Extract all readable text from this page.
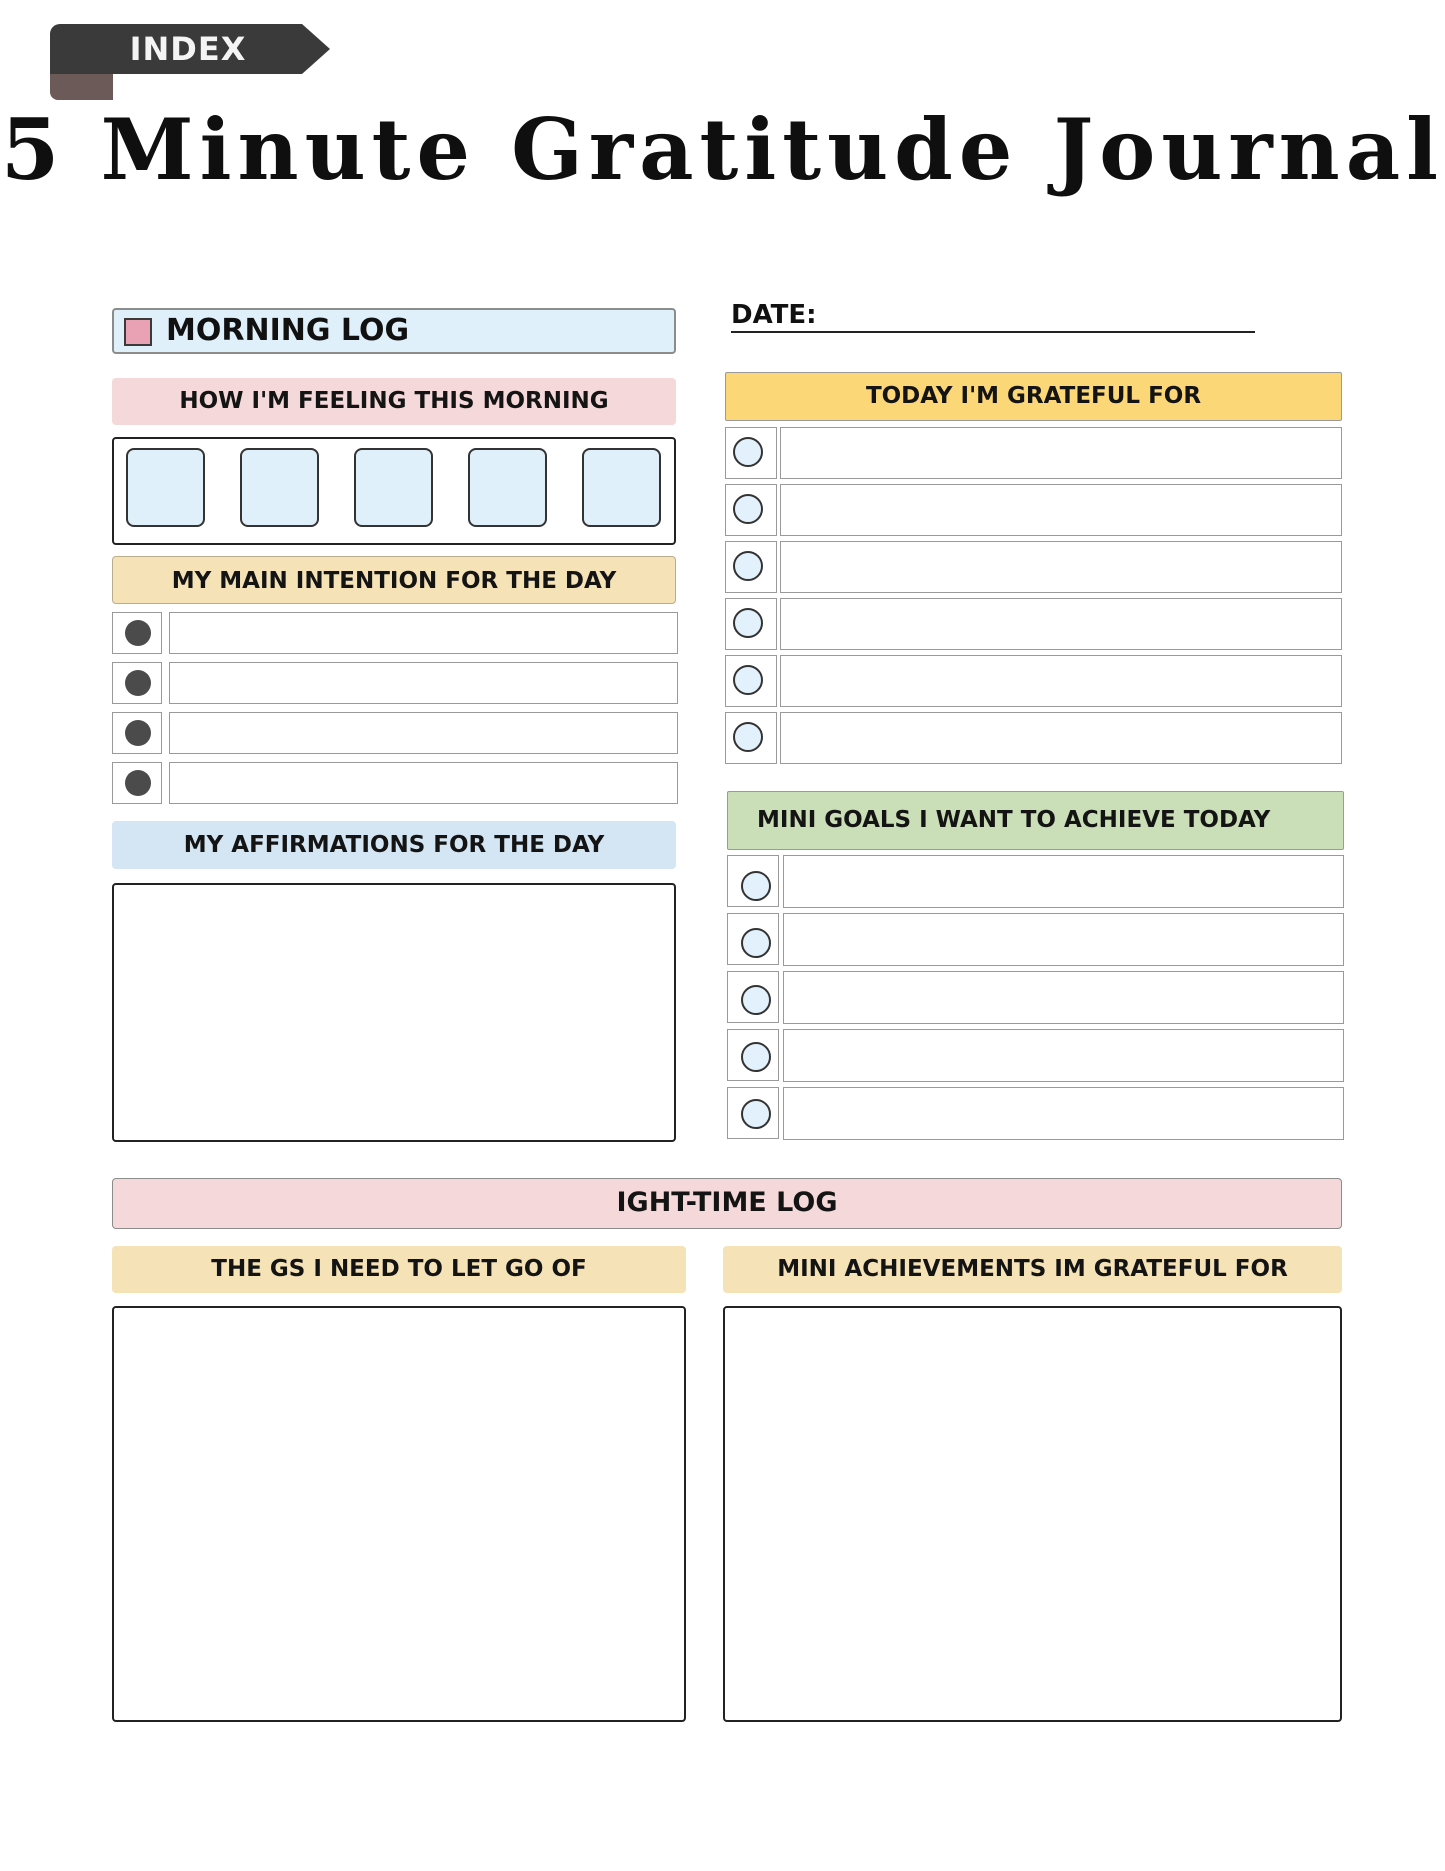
INDEX
5 Minute Gratitude Journal
MORNING LOG	DATE:
HOW I'M FEELING THIS MORNING
MY MAIN INTENTION FOR THE DAY
MY AFFIRMATIONS FOR THE DAY
TODAY I'M GRATEFUL FOR
MINI GOALS I WANT TO ACHIEVE TODAY
IGHT-TIME LOG
THE GS I NEED TO LET GO OF	MINI ACHIEVEMENTS IM GRATEFUL FOR
